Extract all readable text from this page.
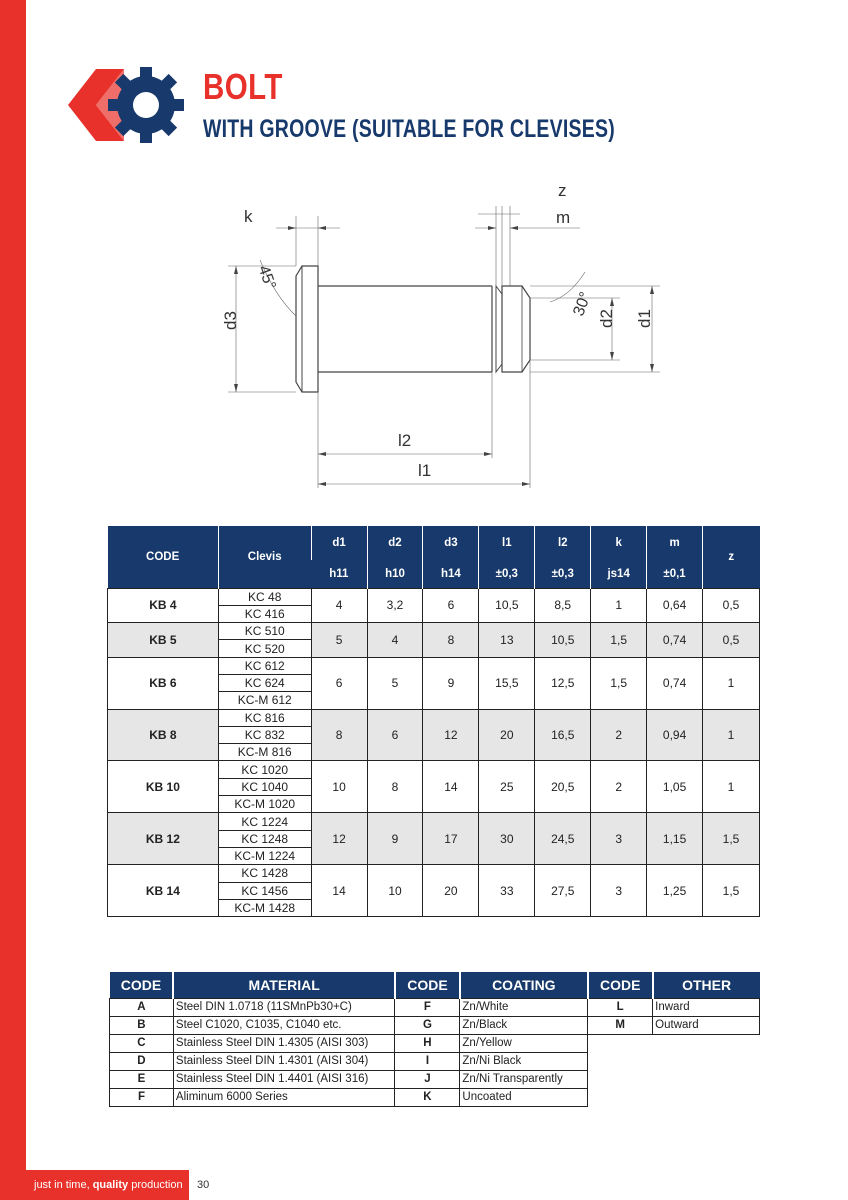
BOLT
WITH GROOVE (SUITABLE FOR CLEVISES)
k
z
m
45°
30°
d3	d2 d1
l2
l1
CODE	Clevis	d1	d2	d3	l1	l2	k	m	z
		h11	h10	h14	±0,3	±0,3	js14	±0,1	
KB 4	KC 48	4	3,2	6	10,5	8,5	1	0,64	0,5
	KC 416								
KB 5	KC 510	5	4	8	13	10,5	1,5	0,74	0,5
	KC 520								
KB 6	KC 612	6	5	9	15,5	12,5	1,5	0,74	1
	KC 624								
	KC-M 612								
KB 8	KC 816	8	6	12	20	16,5	2	0,94	1
	KC 832								
	KC-M 816								
KB 10	KC 1020	10	8	14	25	20,5	2	1,05	1
	KC 1040								
	KC-M 1020								
KB 12	KC 1224	12	9	17	30	24,5	3	1,15	1,5
	KC 1248								
	KC-M 1224								
KB 14	KC 1428	14	10	20	33	27,5	3	1,25	1,5
	KC 1456								
	KC-M 1428								
CODE	MATERIAL	CODE	COATING	CODE	OTHER
A	Steel DIN 1.0718 (11SMnPb30+C)	F	Zn/White	L	Inward
B	Steel C1020, C1035, C1040 etc.	G	Zn/Black	M	Outward
C	Stainless Steel DIN 1.4305 (AISI 303)	H	Zn/Yellow		
D	Stainless Steel DIN 1.4301 (AISI 304)	I	Zn/Ni Black		
E	Stainless Steel DIN 1.4401 (AISI 316)	J	Zn/Ni Transparently		
F	Aliminum 6000 Series	K	Uncoated		
just in time, quality production	30
